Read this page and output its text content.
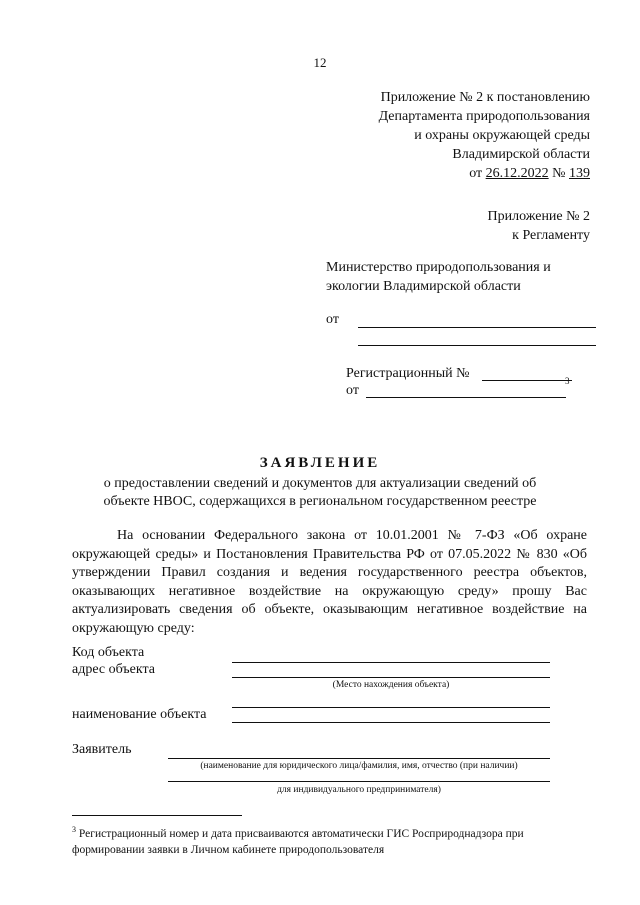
12
Приложение № 2 к постановлению
Департамента природопользования
и охраны окружающей среды
Владимирской области
от 26.12.2022 № 139
Приложение № 2
к Регламенту
Министерство природопользования и
экологии Владимирской области
от
Регистрационный №	3
от
ЗАЯВЛЕНИЕ
о предоставлении сведений и документов для актуализации сведений об
объекте НВОС, содержащихся в региональном государственном реестре
На основании Федерального закона от 10.01.2001 № 7-ФЗ «Об охране окружающей среды» и Постановления Правительства РФ от 07.05.2022 № 830 «Об утверждении Правил создания и ведения государственного реестра объектов, оказывающих негативное воздействие на окружающую среду» прошу Вас актуализировать сведения об объекте, оказывающим негативное воздействие на окружающую среду:
Код объекта
адрес объекта
(Место нахождения объекта)
наименование объекта
Заявитель
(наименование для юридического лица/фамилия, имя, отчество (при наличии)
для индивидуального предпринимателя)
$^3$ Регистрационный номер и дата присваиваются автоматически ГИС Росприроднадзора при формировании заявки в Личном кабинете природопользователя
